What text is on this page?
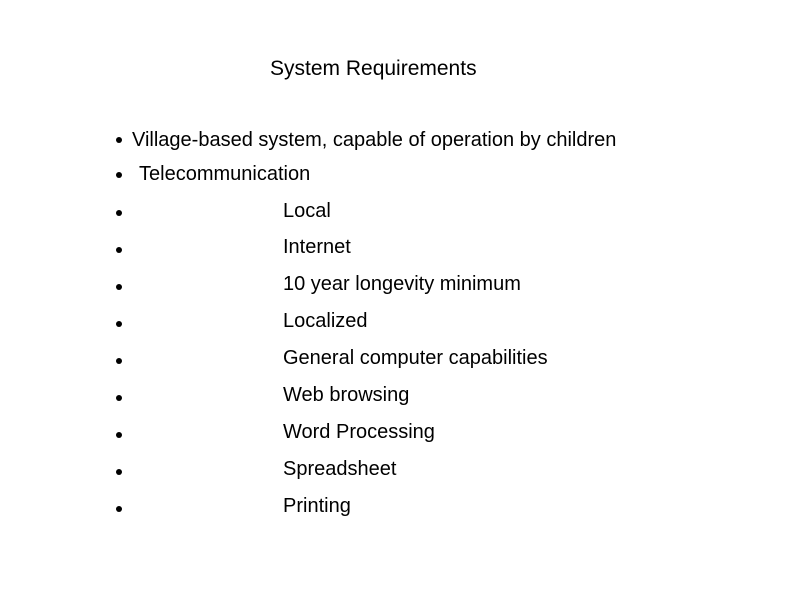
System Requirements
Village-based system, capable of operation by children
Telecommunication
Local
Internet
10 year longevity minimum
Localized
General computer capabilities
Web browsing
Word Processing
Spreadsheet
Printing
